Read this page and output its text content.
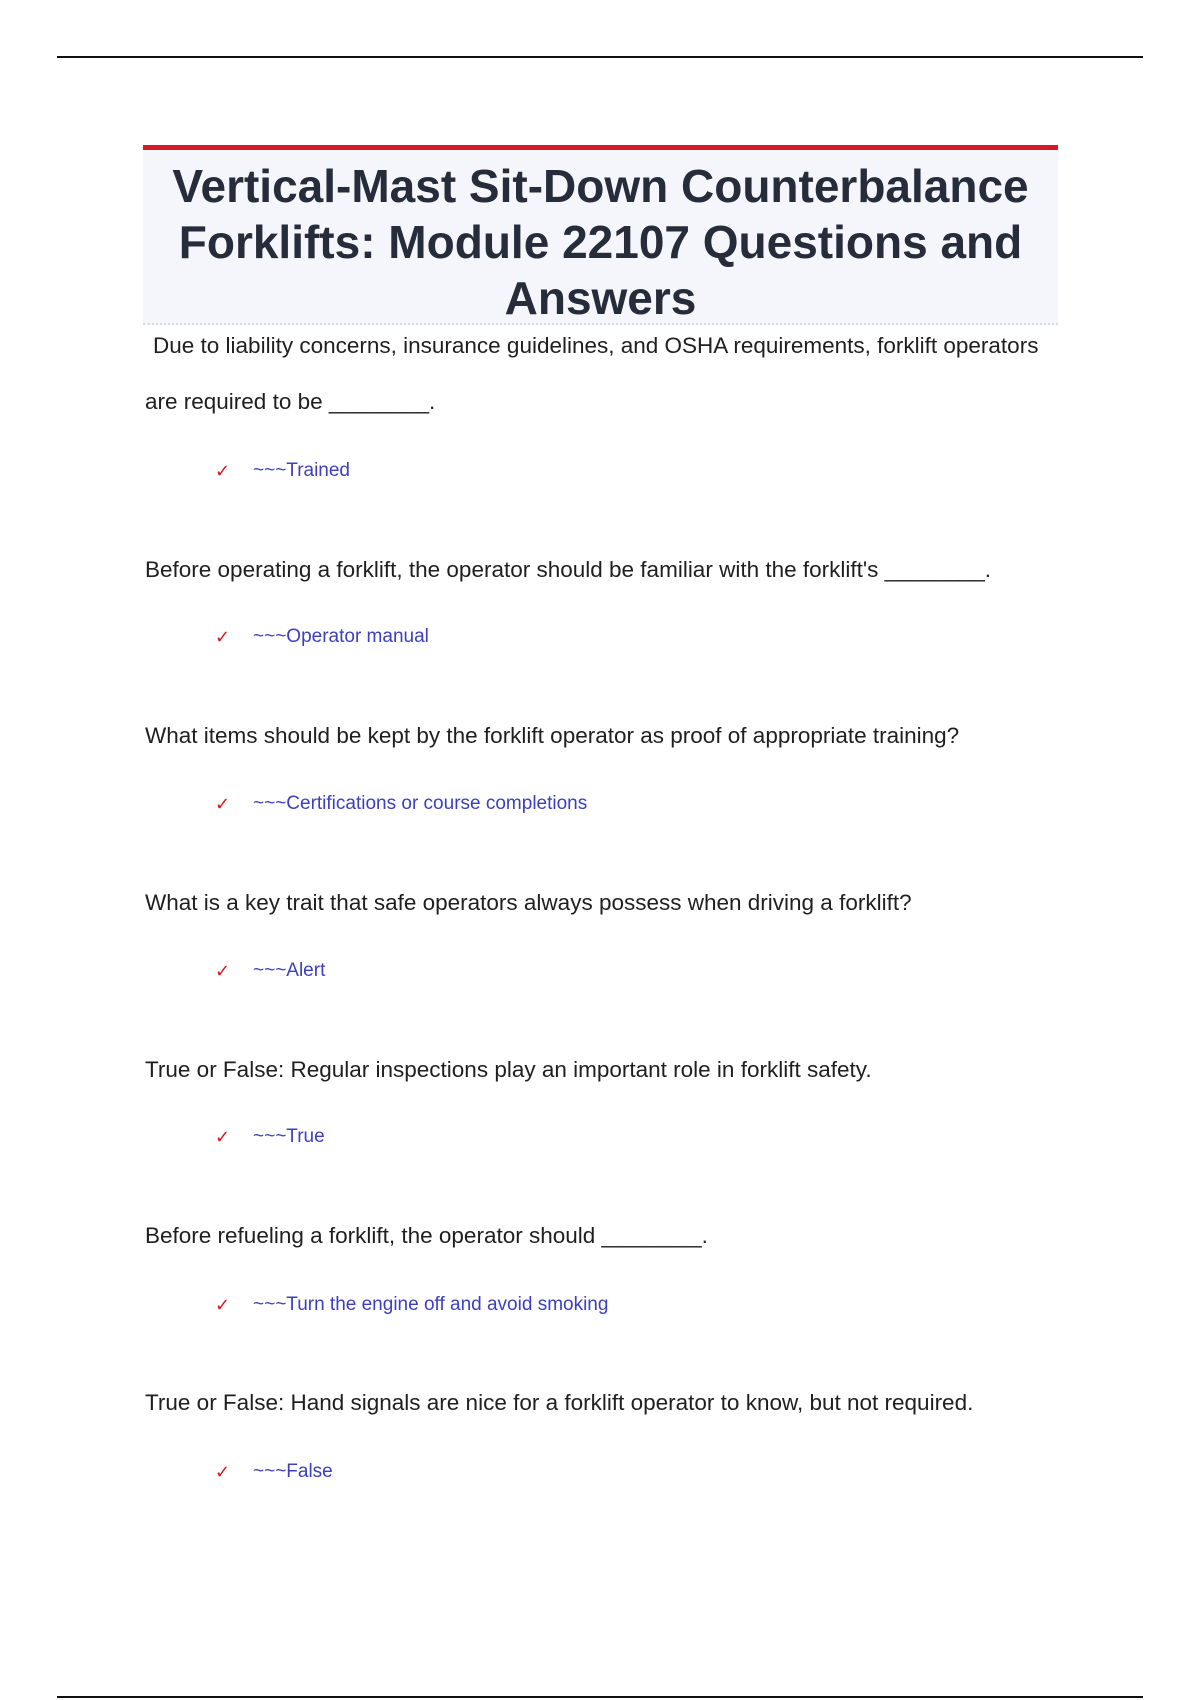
Vertical-Mast Sit-Down Counterbalance Forklifts: Module 22107 Questions and Answers

Due to liability concerns, insurance guidelines, and OSHA requirements, forklift operators are required to be ________.

✓	~~~Trained

Before operating a forklift, the operator should be familiar with the forklift's ________.

✓	~~~Operator manual

What items should be kept by the forklift operator as proof of appropriate training?

✓	~~~Certifications or course completions

What is a key trait that safe operators always possess when driving a forklift?

✓	~~~Alert

True or False: Regular inspections play an important role in forklift safety.

✓	~~~True

Before refueling a forklift, the operator should ________.

✓	~~~Turn the engine off and avoid smoking

True or False: Hand signals are nice for a forklift operator to know, but not required.

✓	~~~False
